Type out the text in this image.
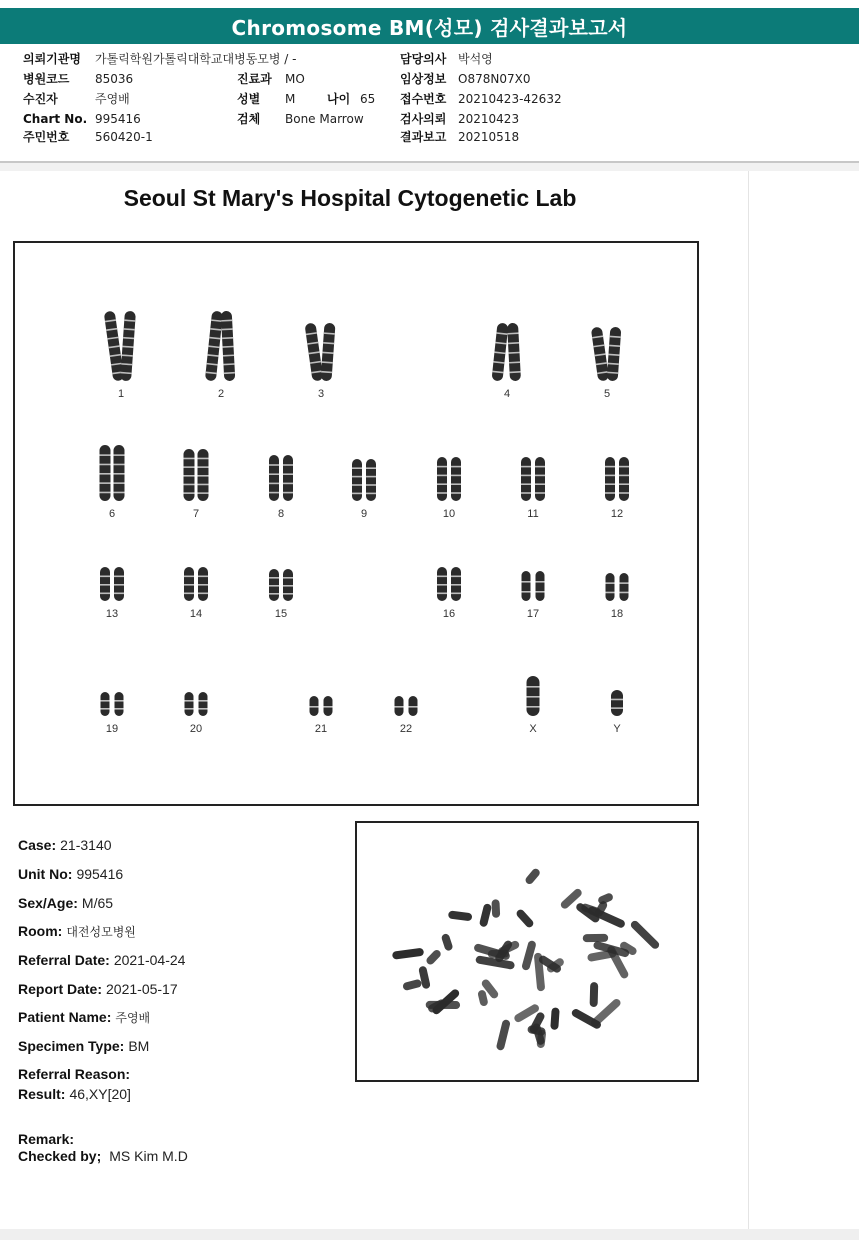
Chromosome BM(성모) 검사결과보고서
의뢰기관명 가톨릭학원가톨릭대학교대병동모병 / -	담당의사 박석영
병원코드 85036	진료과 MO	임상정보 O878N07X0
수진자	주영배	성별 M	나이 65 접수번호 20210423-42632
Chart No. 995416	검체 Bone Marrow	검사의뢰 20210423
주민번호 560420-1	결과보고 20210518
Seoul St Mary's Hospital Cytogenetic Lab
1	2	3	4	5
6	7	8	9	10	11	12
13	14	15	16	17	18
19	20	21	22	X	Y
Case: 21-3140
Unit No: 995416
Sex/Age: M/65
Room: 대전성모병원
Referral Date: 2021-04-24
Report Date: 2021-05-17
Patient Name: 주영배
Specimen Type: BM
Referral Reason:
Result: 46,XY[20]
Remark:
Checked by; MS Kim M.D
